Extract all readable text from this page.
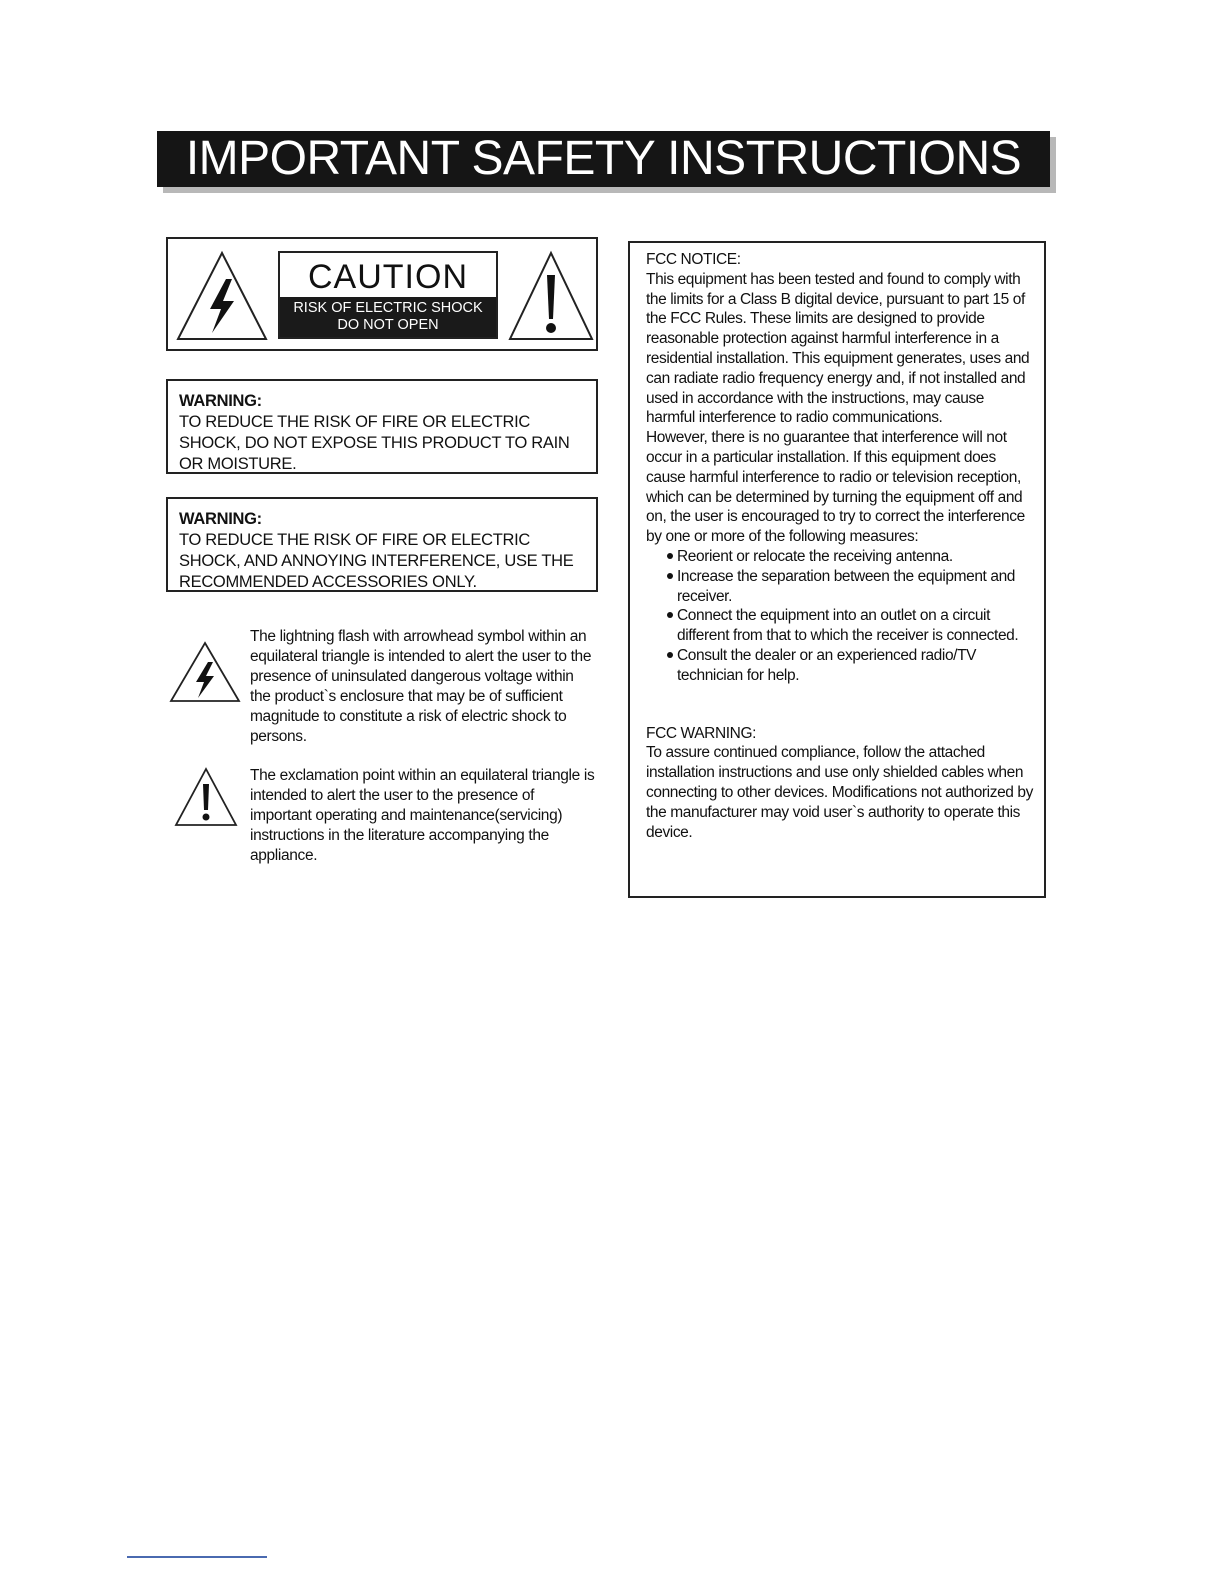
IMPORTANT SAFETY INSTRUCTIONS
CAUTION
RISK OF ELECTRIC SHOCK
DO NOT OPEN
WARNING:
TO REDUCE THE RISK OF FIRE OR ELECTRIC SHOCK, DO NOT EXPOSE THIS PRODUCT TO RAIN OR MOISTURE.
WARNING:
TO REDUCE THE RISK OF FIRE OR ELECTRIC SHOCK, AND ANNOYING INTERFERENCE, USE THE RECOMMENDED ACCESSORIES ONLY.
The lightning flash with arrowhead symbol within an equilateral triangle is intended to alert the user to the presence of uninsulated dangerous voltage within the product`s enclosure that may be of sufficient magnitude to constitute a risk of electric shock to persons.
The exclamation point within an equilateral triangle is intended to alert the user to the presence of important operating and maintenance(servicing) instructions in the literature accompanying the appliance.
FCC NOTICE:

This equipment has been tested and found to comply with the limits for a Class B digital device, pursuant to part 15 of the FCC Rules. These limits are designed to provide reasonable protection against harmful interference in a residential installation. This equipment generates, uses and can radiate radio frequency energy and, if not installed and used in accordance with the instructions, may cause harmful interference to radio communications.

However, there is no guarantee that interference will not occur in a particular installation. If this equipment does cause harmful interference to radio or television reception, which can be determined by turning the equipment off and on, the user is encouraged to try to correct the interference by one or more of the following measures:

Reorient or relocate the receiving antenna.
Increase the separation between the equipment and receiver.
Connect the equipment into an outlet on a circuit different from that to which the receiver is connected.
Consult the dealer or an experienced radio/TV technician for help.
FCC WARNING:

To assure continued compliance, follow the attached installation instructions and use only shielded cables when connecting to other devices. Modifications not authorized by the manufacturer may void user`s authority to operate this device.
